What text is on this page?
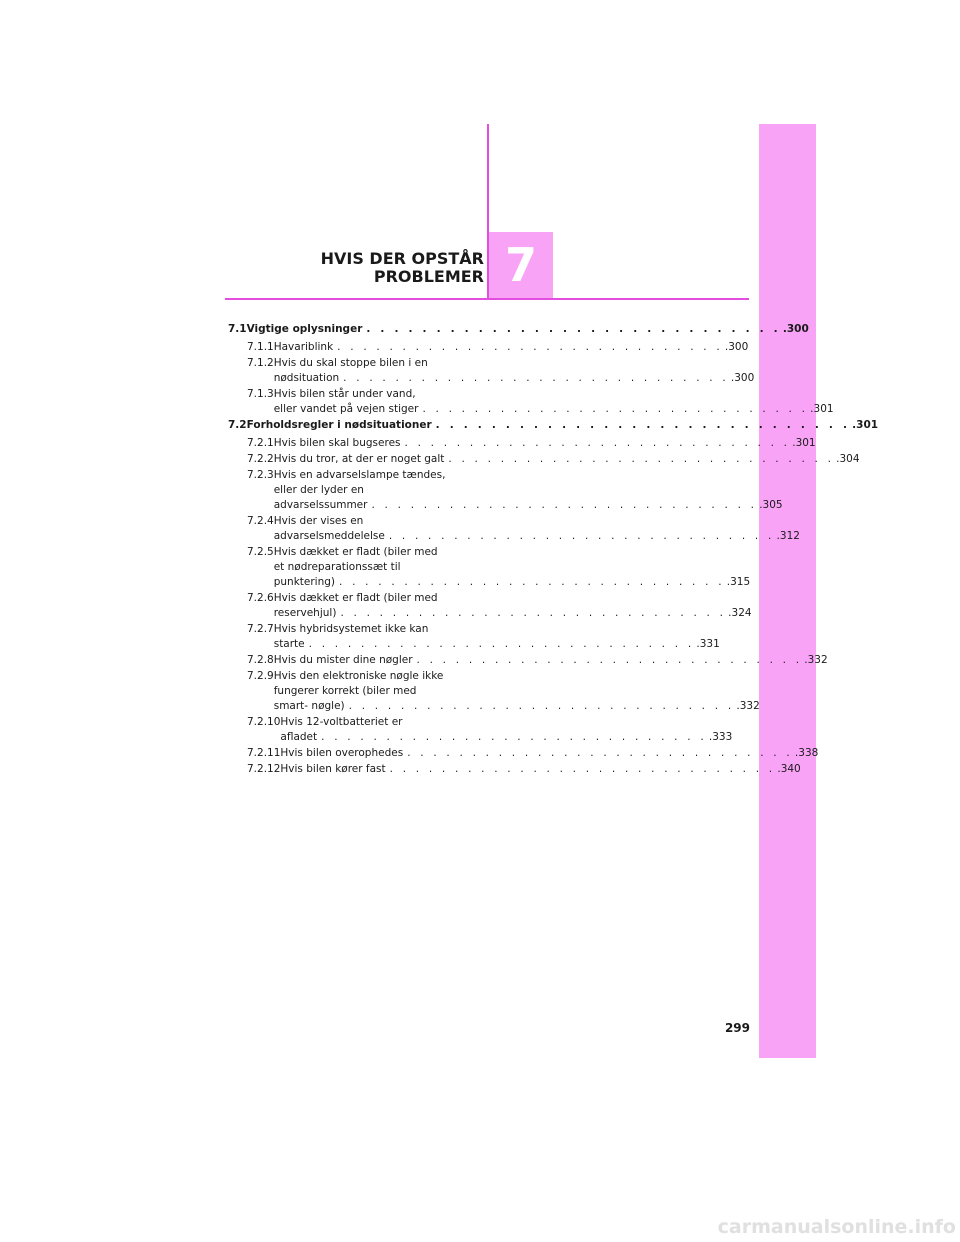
7
HVIS DER OPSTÅR
PROBLEMER
7.1 Vigtige oplysninger . . . . . . . . . . . . . . . . . . . . . . . . . . . . . . .300
7.1.1 Havariblink . . . . . . . . . . . . . . . . . . . . . . . . . . . . . . .300
7.1.2 Hvis du skal stoppe bilen i en
nødsituation . . . . . . . . . . . . . . . . . . . . . . . . . . . . . . .300
7.1.3 Hvis bilen står under vand,
eller vandet på vejen stiger . . . . . . . . . . . . . . . . . . . . . . . . . . . . . . .301
7.2 Forholdsregler i nødsituationer . . . . . . . . . . . . . . . . . . . . . . . . . . . . . . .301
7.2.1 Hvis bilen skal bugseres . . . . . . . . . . . . . . . . . . . . . . . . . . . . . . .301
7.2.2 Hvis du tror, at der er noget galt . . . . . . . . . . . . . . . . . . . . . . . . . . . . . . .304
7.2.3 Hvis en advarselslampe tændes,
eller der lyder en
advarselssummer . . . . . . . . . . . . . . . . . . . . . . . . . . . . . . .305
7.2.4 Hvis der vises en
advarselsmeddelelse . . . . . . . . . . . . . . . . . . . . . . . . . . . . . . .312
7.2.5 Hvis dækket er fladt (biler med
et nødreparationssæt til
punktering) . . . . . . . . . . . . . . . . . . . . . . . . . . . . . . .315
7.2.6 Hvis dækket er fladt (biler med
reservehjul) . . . . . . . . . . . . . . . . . . . . . . . . . . . . . . .324
7.2.7 Hvis hybridsystemet ikke kan
starte . . . . . . . . . . . . . . . . . . . . . . . . . . . . . . .331
7.2.8 Hvis du mister dine nøgler . . . . . . . . . . . . . . . . . . . . . . . . . . . . . . .332
7.2.9 Hvis den elektroniske nøgle ikke
fungerer korrekt (biler med
smart- nøgle) . . . . . . . . . . . . . . . . . . . . . . . . . . . . . . .332
7.2.10 Hvis 12-voltbatteriet er
afladet . . . . . . . . . . . . . . . . . . . . . . . . . . . . . . .333
7.2.11 Hvis bilen overophedes . . . . . . . . . . . . . . . . . . . . . . . . . . . . . . .338
7.2.12 Hvis bilen kører fast . . . . . . . . . . . . . . . . . . . . . . . . . . . . . . .340
299
carmanualsonline.info
